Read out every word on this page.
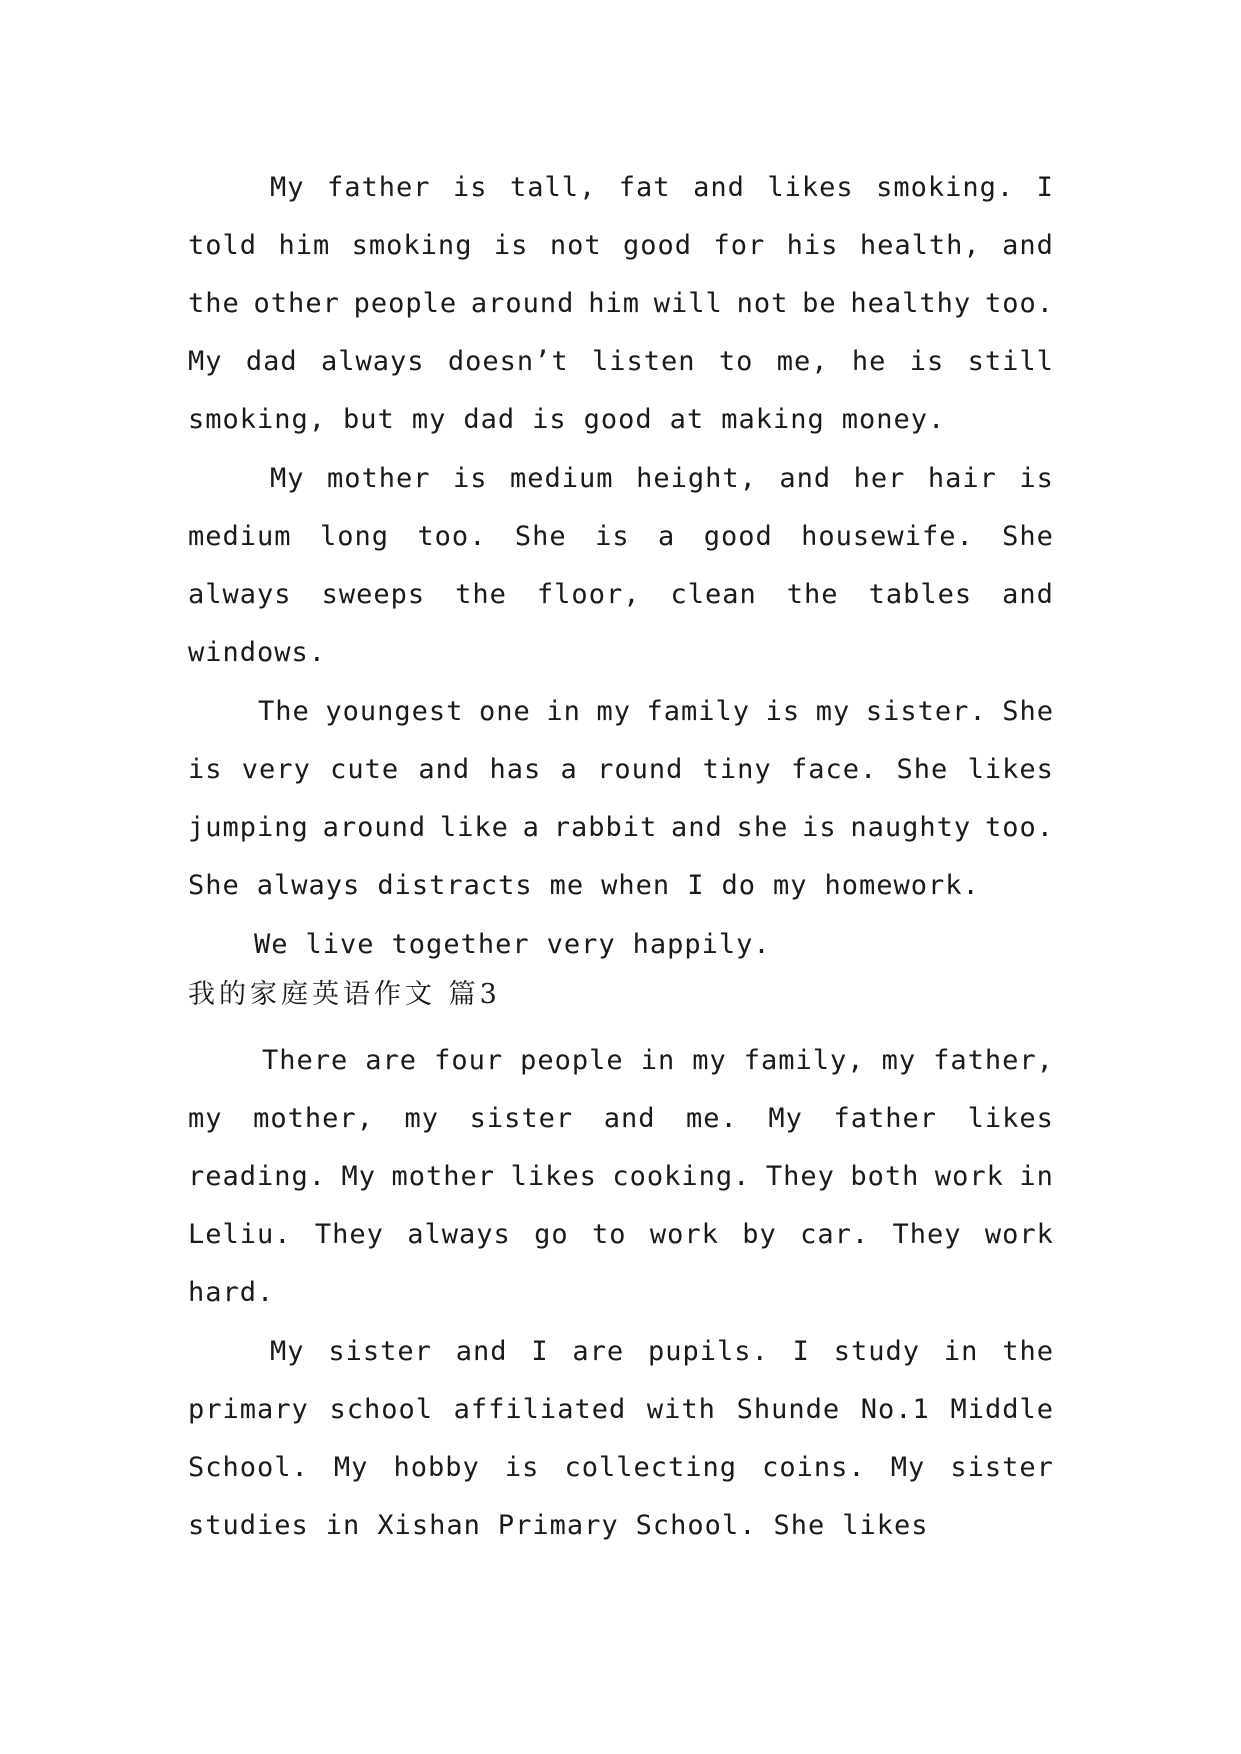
My father is tall, fat and likes smoking. I
told him smoking is not good for his health, and
the other people around him will not be healthy too.
My dad always doesn’t listen to me, he is still
smoking, but my dad is good at making money.
My mother is medium height, and her hair is
medium long too. She is a good housewife. She
always sweeps the floor, clean the tables and
windows.
The youngest one in my family is my sister. She
is very cute and has a round tiny face. She likes
jumping around like a rabbit and she is naughty too.
She always distracts me when I do my homework.
We live together very happily.
There are four people in my family, my father,
my mother, my sister and me. My father likes
reading. My mother likes cooking. They both work in
Leliu. They always go to work by car. They work
hard.
My sister and I are pupils. I study in the
primary school affiliated with Shunde No.1 Middle
School. My hobby is collecting coins. My sister
studies in Xishan Primary School. She likes
我的家庭英语作文 篇3
